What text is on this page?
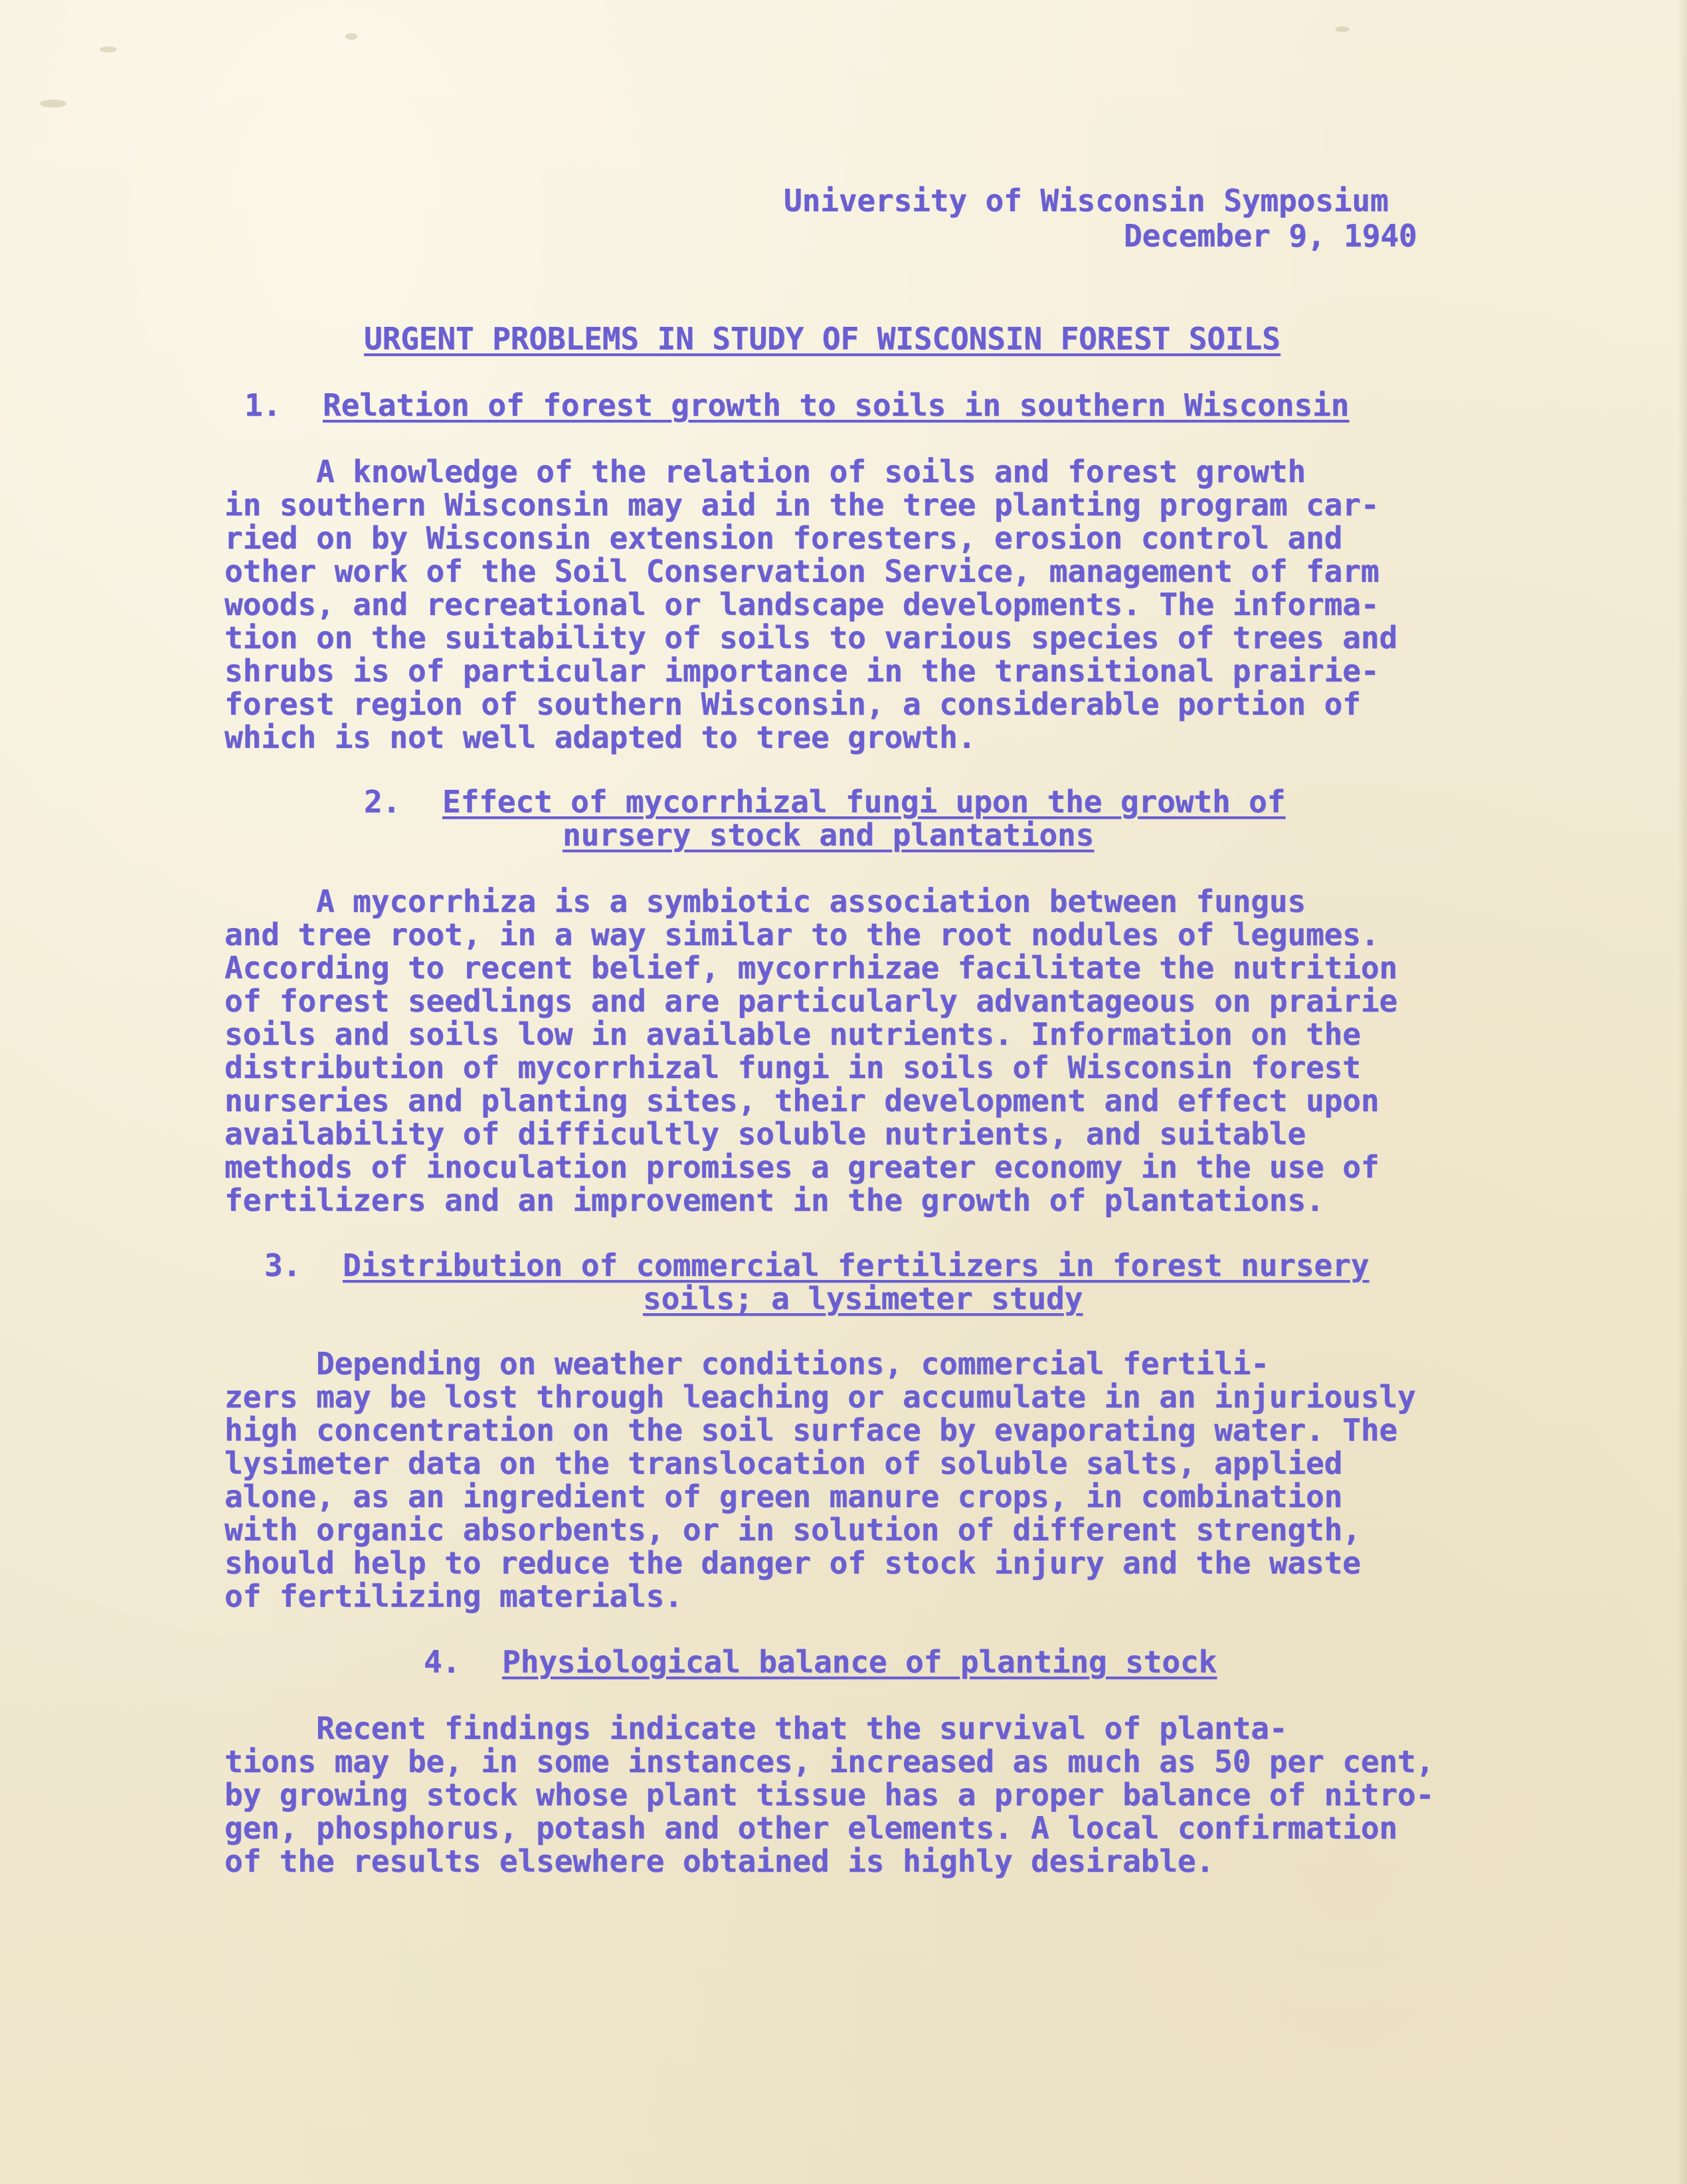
University of Wisconsin Symposium

December 9, 1940

URGENT PROBLEMS IN STUDY OF WISCONSIN FOREST SOILS

1. Relation of forest growth to soils in southern Wisconsin

A knowledge of the relation of soils and forest growth

in southern Wisconsin may aid in the tree planting program car-

ried on by Wisconsin extension foresters, erosion control and

other work of the Soil Conservation Service, management of farm

woods, and recreational or landscape developments. The informa-

tion on the suitability of soils to various species of trees and

shrubs is of particular importance in the transitional prairie-

forest region of southern Wisconsin, a considerable portion of

which is not well adapted to tree growth.

2. Effect of mycorrhizal fungi upon the growth of

nursery stock and plantations

A mycorrhiza is a symbiotic association between fungus

and tree root, in a way similar to the root nodules of legumes.

According to recent belief, mycorrhizae facilitate the nutrition

of forest seedlings and are particularly advantageous on prairie

soils and soils low in available nutrients. Information on the

distribution of mycorrhizal fungi in soils of Wisconsin forest

nurseries and planting sites, their development and effect upon

availability of difficultly soluble nutrients, and suitable

methods of inoculation promises a greater economy in the use of

fertilizers and an improvement in the growth of plantations.

3. Distribution of commercial fertilizers in forest nursery

soils; a lysimeter study

Depending on weather conditions, commercial fertili-

zers may be lost through leaching or accumulate in an injuriously

high concentration on the soil surface by evaporating water. The

lysimeter data on the translocation of soluble salts, applied

alone, as an ingredient of green manure crops, in combination

with organic absorbents, or in solution of different strength,

should help to reduce the danger of stock injury and the waste

of fertilizing materials.

4. Physiological balance of planting stock

Recent findings indicate that the survival of planta-

tions may be, in some instances, increased as much as 50 per cent,

by growing stock whose plant tissue has a proper balance of nitro-

gen, phosphorus, potash and other elements. A local confirmation

of the results elsewhere obtained is highly desirable.
